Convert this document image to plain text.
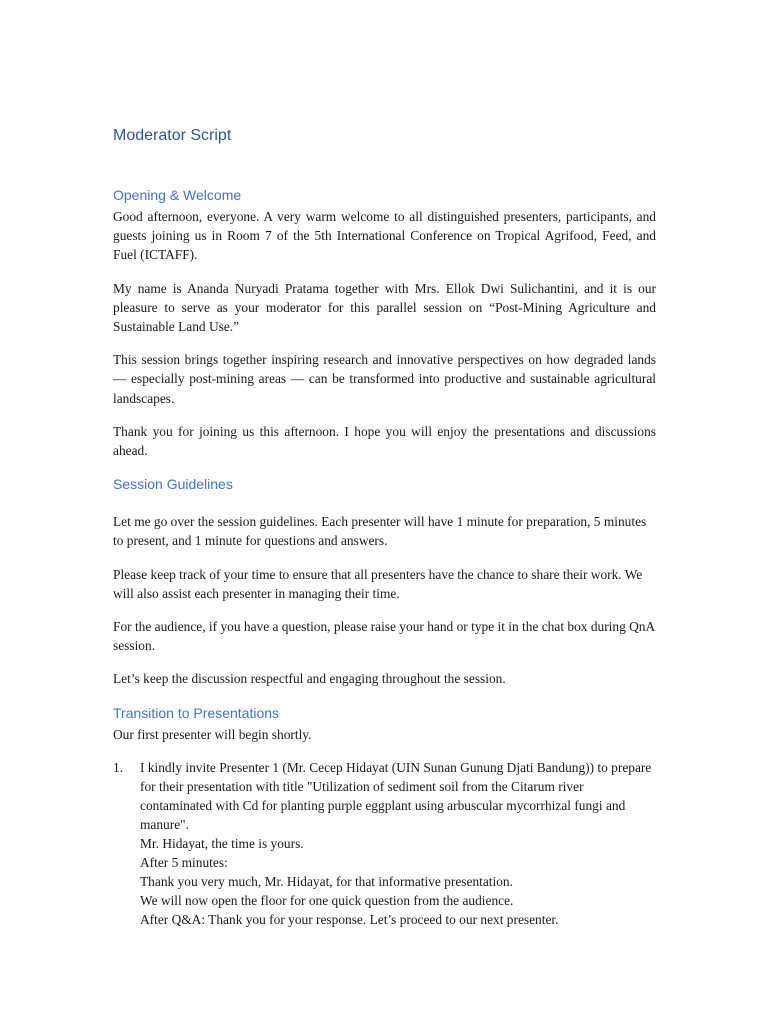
Moderator Script
Opening & Welcome

Good afternoon, everyone. A very warm welcome to all distinguished presenters, participants, and guests joining us in Room 7 of the 5th International Conference on Tropical Agrifood, Feed, and Fuel (ICTAFF).

My name is Ananda Nuryadi Pratama together with Mrs. Ellok Dwi Sulichantini, and it is our pleasure to serve as your moderator for this parallel session on “Post-Mining Agriculture and Sustainable Land Use.”

This session brings together inspiring research and innovative perspectives on how degraded lands — especially post-mining areas — can be transformed into productive and sustainable agricultural landscapes.

Thank you for joining us this afternoon. I hope you will enjoy the presentations and discussions ahead.

Session Guidelines

Let me go over the session guidelines. Each presenter will have 1 minute for preparation, 5 minutes to present, and 1 minute for questions and answers.

Please keep track of your time to ensure that all presenters have the chance to share their work. We will also assist each presenter in managing their time.

For the audience, if you have a question, please raise your hand or type it in the chat box during QnA session.

Let’s keep the discussion respectful and engaging throughout the session.

Transition to Presentations

Our first presenter will begin shortly.

1. I kindly invite Presenter 1 (Mr. Cecep Hidayat (UIN Sunan Gunung Djati Bandung)) to prepare for their presentation with title "Utilization of sediment soil from the Citarum river contaminated with Cd for planting purple eggplant using arbuscular mycorrhizal fungi and manure".
Mr. Hidayat, the time is yours.
After 5 minutes:
Thank you very much, Mr. Hidayat, for that informative presentation.
We will now open the floor for one quick question from the audience.
After Q&A: Thank you for your response. Let’s proceed to our next presenter.
